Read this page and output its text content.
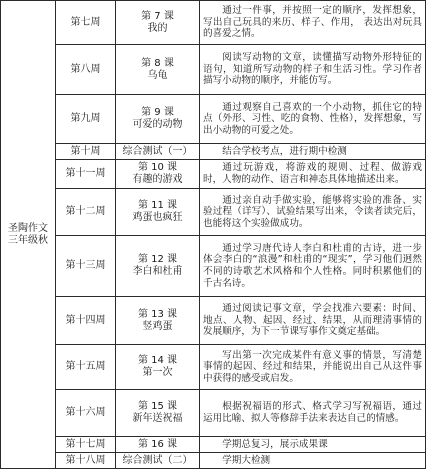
圣陶作文三年级秋	第七周	第 7 课
我的	通过一件事，并按照一定的顺序，发挥想象，写出自己玩具的来历、样子、作用， 表达出对玩具的喜爱之情。

	第八周	第 8 课
乌龟	阅读写动物的文章，读懂描写动物外形特征的语句，知道所写动物的样子和生活习性。学习作者描写小动物的顺序，并能仿写。

	第九周	第 9 课
可爱的动物	通过观察自己喜欢的一个小动物，抓住它的特点（外形、习性、吃的食物、性格），发挥想象，写出小动物的可爱之处。

	第十周	综合测试（一）	结合学校考点，进行期中检测

	第十一周	第 10 课
有趣的游戏	通过玩游戏，将游戏的规则、过程、做游戏时，人物的动作、语言和神态具体地描述出来。

	第十二周	第 11 课
鸡蛋也疯狂	通过亲自动手做实验，能够将实验的准备、实验过程（详写）、试验结果写出来，令读者读完后，也能将这个实验做成功。

	第十三周	第 12 课
李白和杜甫	通过学习唐代诗人李白和杜甫的古诗，进一步体会李白的“浪漫”和杜甫的“现实”，学习他们迥然不同的诗歌艺术风格和个人性格。同时积累他们的千古名诗。

	第十四周	第 13 课
竖鸡蛋	通过阅读记事文章，学会找准六要素：时间、地点、人物、起因、经过、结果，从而理清事情的发展顺序，为下一节课写事作文奠定基础。

	第十五周	第 14 课
第一次	写出第一次完成某件有意义事的情景，写清楚事情的起因、经过和结果，并能说出自己从这件事中获得的感受或启发。

	第十六周	第 15 课
新年送祝福	根据祝福语的形式、格式学习写祝福语，通过运用比喻、拟人等修辞手法来表达自己的情感。

	第十七周	第 16 课	学期总复习，展示成果课

	第十八周	综合测试（二）	学期大检测
